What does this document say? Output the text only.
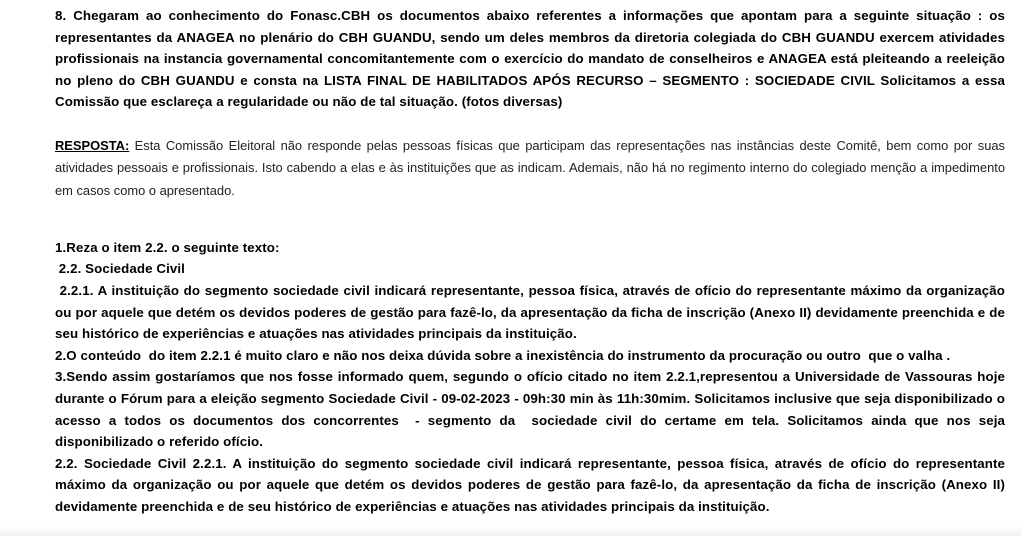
8. Chegaram ao conhecimento do Fonasc.CBH os documentos abaixo referentes a informações que apontam para a seguinte situação : os representantes da ANAGEA no plenário do CBH GUANDU, sendo um deles membros da diretoria colegiada do CBH GUANDU exercem atividades profissionais na instancia governamental concomitantemente com o exercício do mandato de conselheiros e ANAGEA está pleiteando a reeleição no pleno do CBH GUANDU e consta na LISTA FINAL DE HABILITADOS APÓS RECURSO – SEGMENTO : SOCIEDADE CIVIL Solicitamos a essa Comissão que esclareça a regularidade ou não de tal situação. (fotos diversas)

RESPOSTA: Esta Comissão Eleitoral não responde pelas pessoas físicas que participam das representações nas instâncias deste Comitê, bem como por suas atividades pessoais e profissionais. Isto cabendo a elas e às instituições que as indicam. Ademais, não há no regimento interno do colegiado menção a impedimento em casos como o apresentado.

1.Reza o item 2.2. o seguinte texto:

2.2. Sociedade Civil

2.2.1. A instituição do segmento sociedade civil indicará representante, pessoa física, através de ofício do representante máximo da organização ou por aquele que detém os devidos poderes de gestão para fazê-lo, da apresentação da ficha de inscrição (Anexo II) devidamente preenchida e de seu histórico de experiências e atuações nas atividades principais da instituição.

2.O conteúdo  do item 2.2.1 é muito claro e não nos deixa dúvida sobre a inexistência do instrumento da procuração ou outro  que o valha .

3.Sendo assim gostaríamos que nos fosse informado quem, segundo o ofício citado no item 2.2.1,representou a Universidade de Vassouras hoje durante o Fórum para a eleição segmento Sociedade Civil - 09-02-2023 - 09h:30 min às 11h:30mim. Solicitamos inclusive que seja disponibilizado o acesso a todos os documentos dos concorrentes  - segmento da  sociedade civil do certame em tela. Solicitamos ainda que nos seja disponibilizado o referido ofício.

2.2. Sociedade Civil 2.2.1. A instituição do segmento sociedade civil indicará representante, pessoa física, através de ofício do representante máximo da organização ou por aquele que detém os devidos poderes de gestão para fazê-lo, da apresentação da ficha de inscrição (Anexo II) devidamente preenchida e de seu histórico de experiências e atuações nas atividades principais da instituição.
